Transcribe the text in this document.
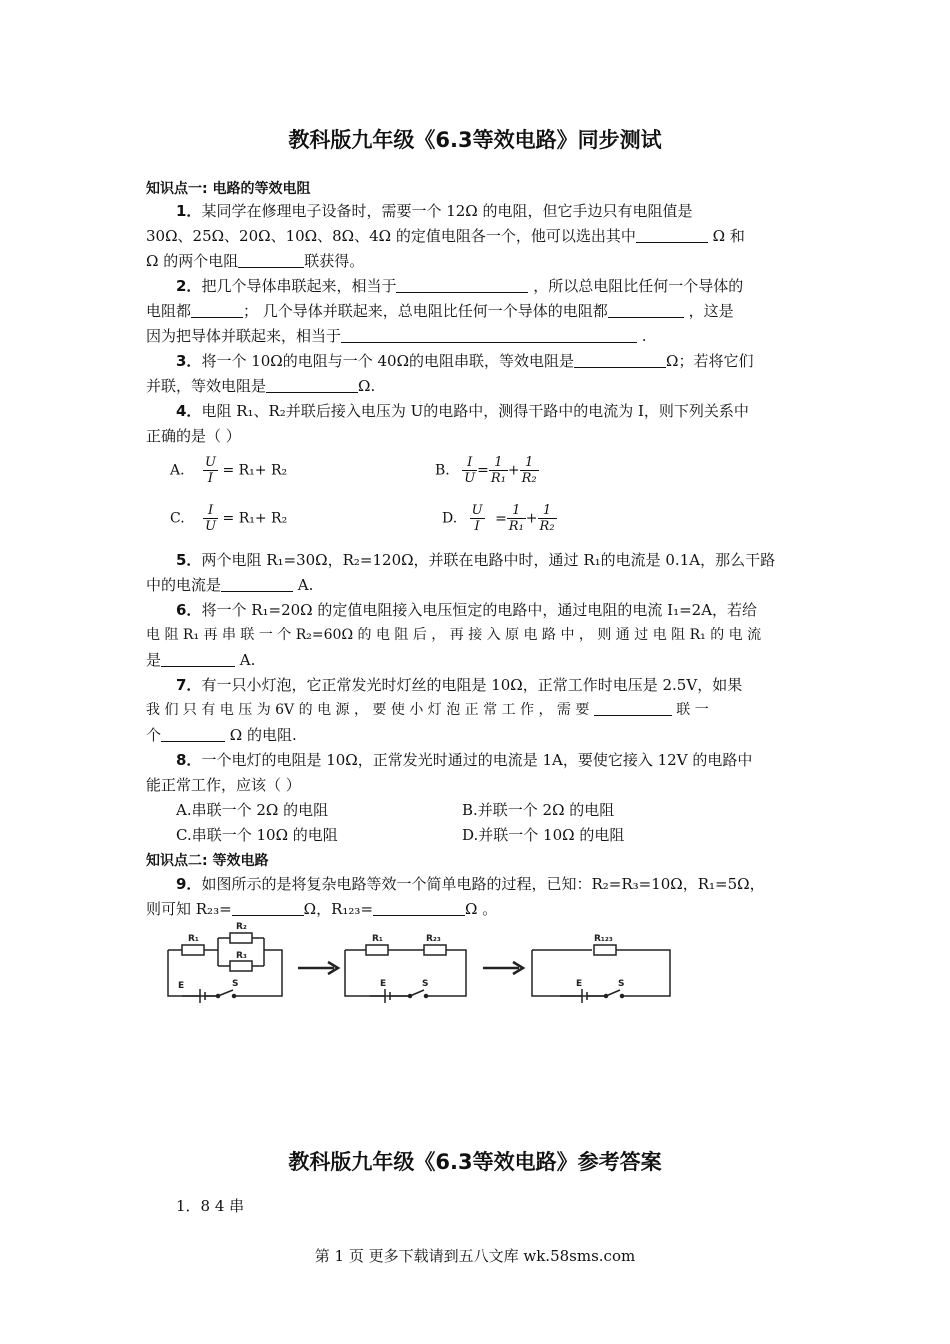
教科版九年级《6.3等效电路》同步测试
知识点一: 电路的等效电阻
1．某同学在修理电子设备时，需要一个 12Ω 的电阻，但它手边只有电阻值是
30Ω、25Ω、20Ω、10Ω、8Ω、4Ω 的定值电阻各一个，他可以选出其中	Ω 和
Ω 的两个电阻	联获得。
2．把几个导体串联起来，相当于	，所以总电阻比任何一个导体的
电阻都	； 几个导体并联起来，总电阻比任何一个导体的电阻都	，这是
因为把导体并联起来，相当于	.
3．将一个 10Ω的电阻与一个 40Ω的电阻串联，等效电阻是	Ω；若将它们
并联，等效电阻是	Ω.
4．电阻 R₁、R₂并联后接入电压为 U的电路中，测得干路中的电流为 I，则下列关系中
正确的是（ ）
A. $\frac{U}{I} = R_1+ R_2$	B. $\frac{I}{U} = \frac{1}{\text{R₁}} + \frac{1}{\text{R₂}}$
C. $\frac{I}{U} = R_1+ R_2$	D. $\frac{U}{I} = \frac{1}{\text{R₁}} + \frac{1}{\text{R₂}}$
5．两个电阻 R₁=30Ω，R₂=120Ω，并联在电路中时，通过 R₁的电流是 0.1A，那么干路
中的电流是	A.
6．将一个 R₁=20Ω 的定值电阻接入电压恒定的电路中，通过电阻的电流 I₁=2A，若给
电 阻 R₁ 再 串 联 一 个 R₂=60Ω 的 电 阻 后 ， 再 接 入 原 电 路 中 ， 则 通 过 电 阻 R₁ 的 电 流
是	A.
7．有一只小灯泡，它正常发光时灯丝的电阻是 10Ω，正常工作时电压是 2.5V，如果
我 们 只 有 电 压 为 6V 的 电 源 ， 要 使 小 灯 泡 正 常 工 作 ， 需 要	联 一
个	Ω 的电阻.
8．一个电灯的电阻是 10Ω，正常发光时通过的电流是 1A，要使它接入 12V 的电路中
能正常工作，应该（ ）
A.串联一个 2Ω 的电阻	B.并联一个 2Ω 的电阻
C.串联一个 10Ω 的电阻	D.并联一个 10Ω 的电阻
知识点二: 等效电路
9．如图所示的是将复杂电路等效一个简单电路的过程，已知：R₂=R₃=10Ω，R₁=5Ω，
则可知 R₂₃=	Ω，R₁₂₃=	Ω 。
R₁
R₂
R₃
E	S
R₁	R₂₃
E	S
R₁₂₃
E	S
教科版九年级《6.3等效电路》参考答案
1．8 4 串
第 1 页 更多下载请到五八文库 wk.58sms.com
